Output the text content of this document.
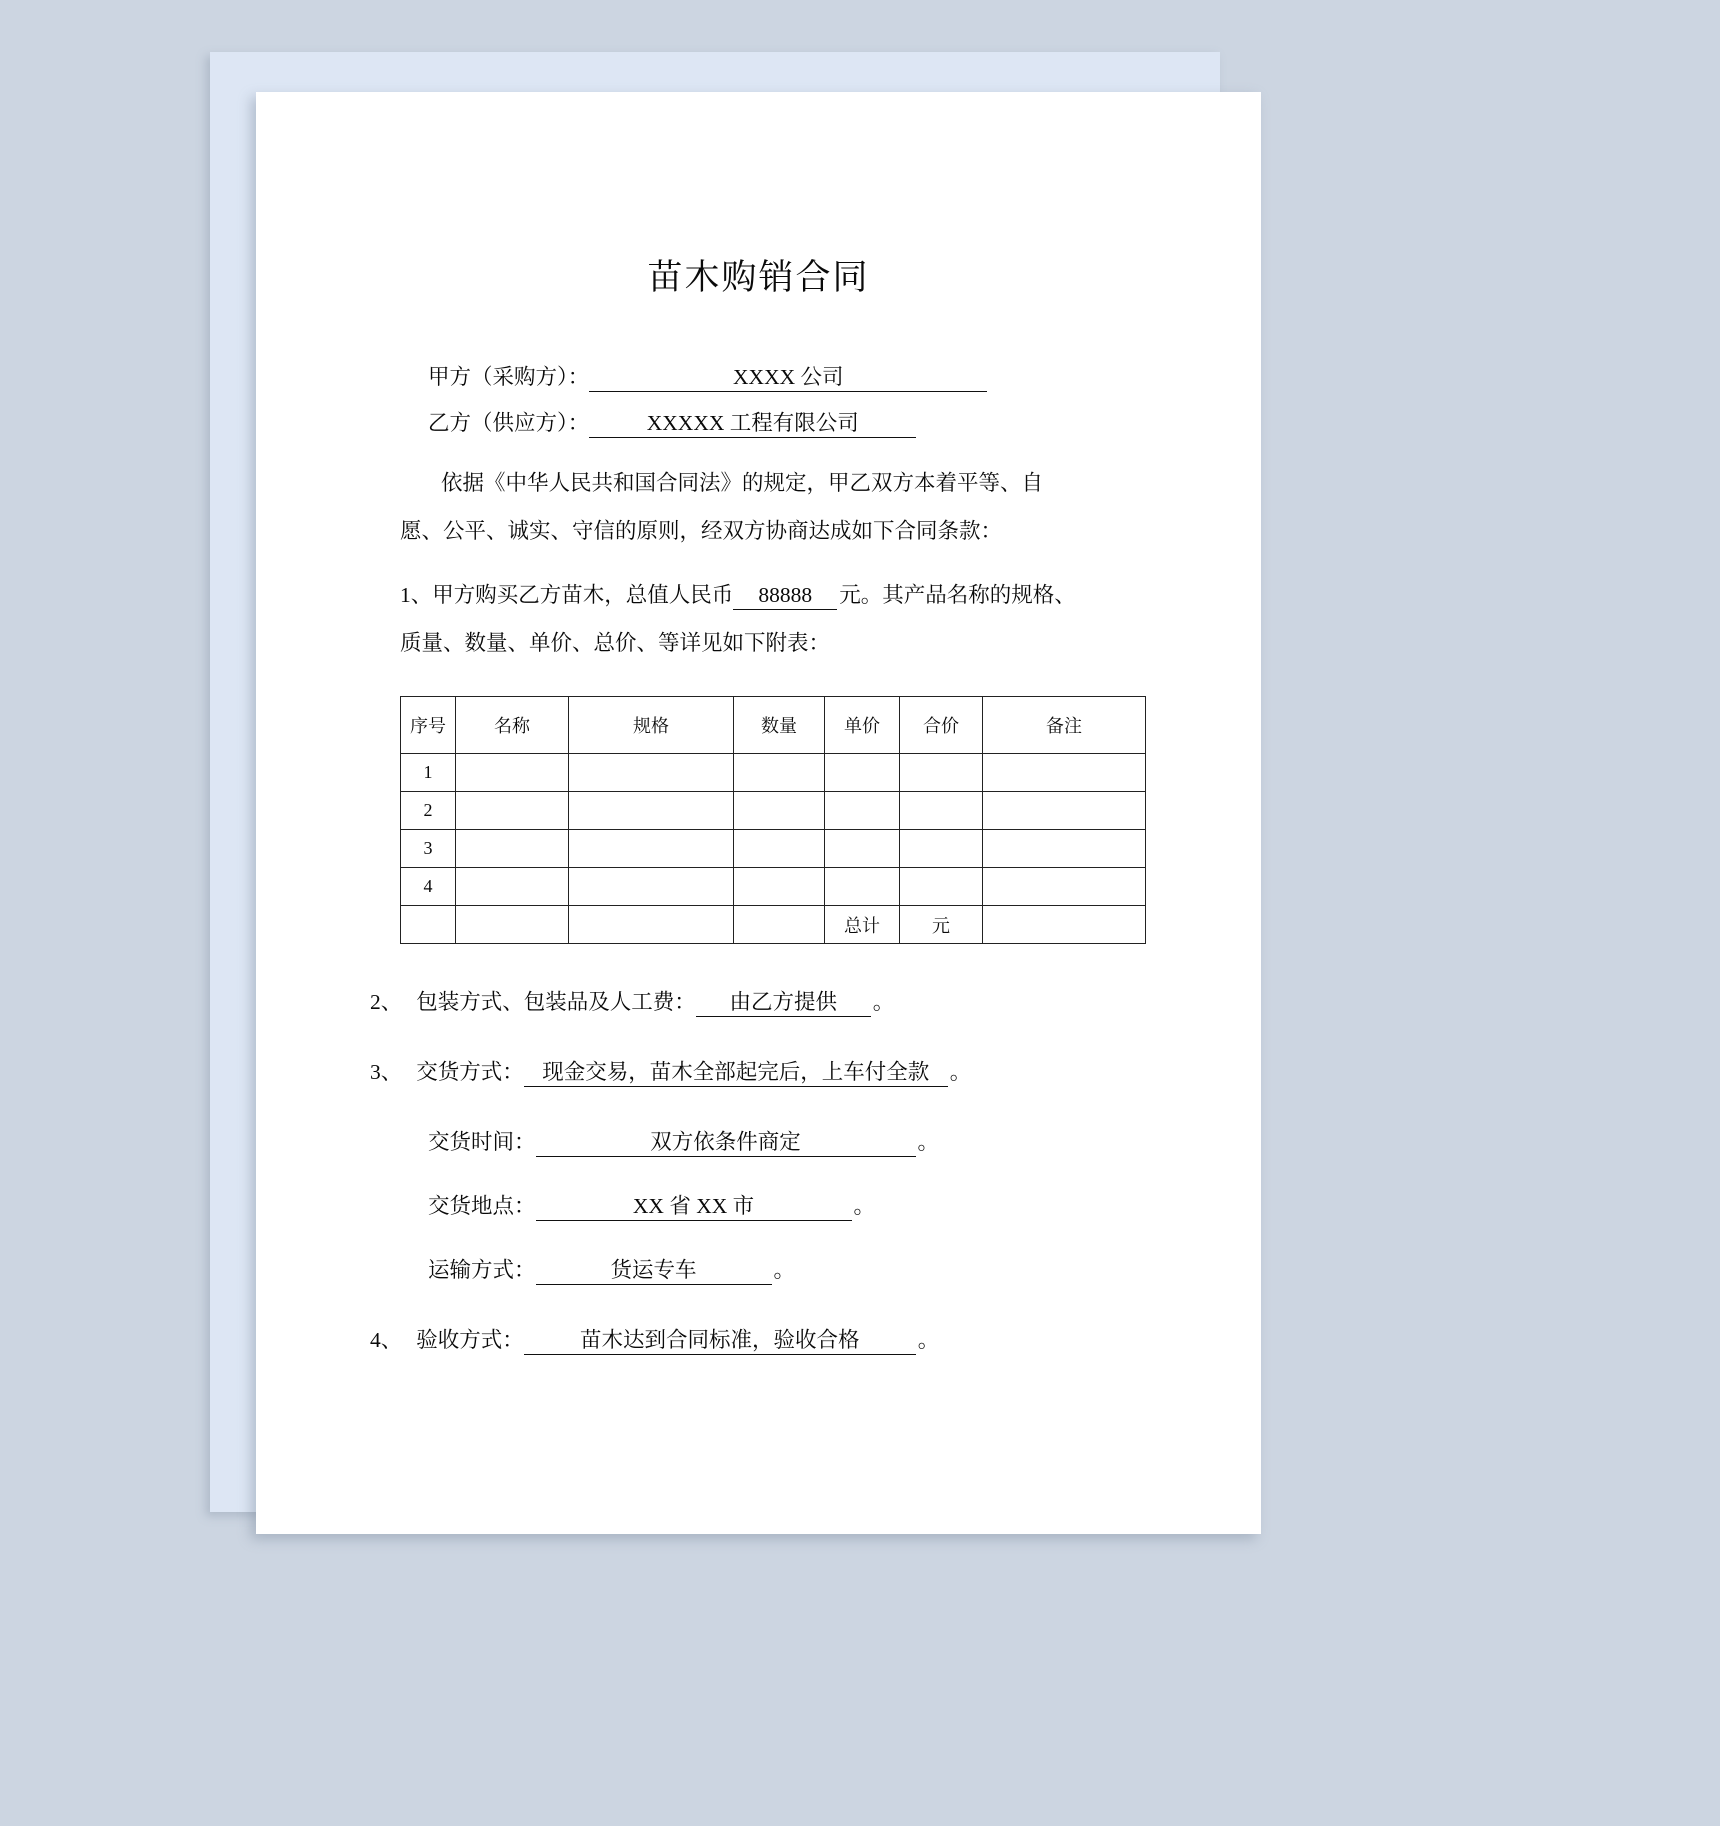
苗木购销合同
甲方（采购方）：	XXXX 公司
乙方（供应方）：	XXXXX 工程有限公司
依据《中华人民共和国合同法》的规定，甲乙双方本着平等、自
愿、公平、诚实、守信的原则，经双方协商达成如下合同条款：
1、甲方购买乙方苗木，总值人民币	88888	元。其产品名称的规格、
质量、数量、单价、总价、等详见如下附表：
序号	名称	规格	数量	单价	合价	备注
1						
2						
3						
4						
				总计	元	
2、 包装方式、包装品及人工费：	由乙方提供	。
3、 交货方式： 现金交易，苗木全部起完后，上车付全款 。
交货时间：	双方依条件商定	。
交货地点：	XX 省 XX 市	。
运输方式：	货运专车	。
4、 验收方式：	苗木达到合同标准，验收合格	。
